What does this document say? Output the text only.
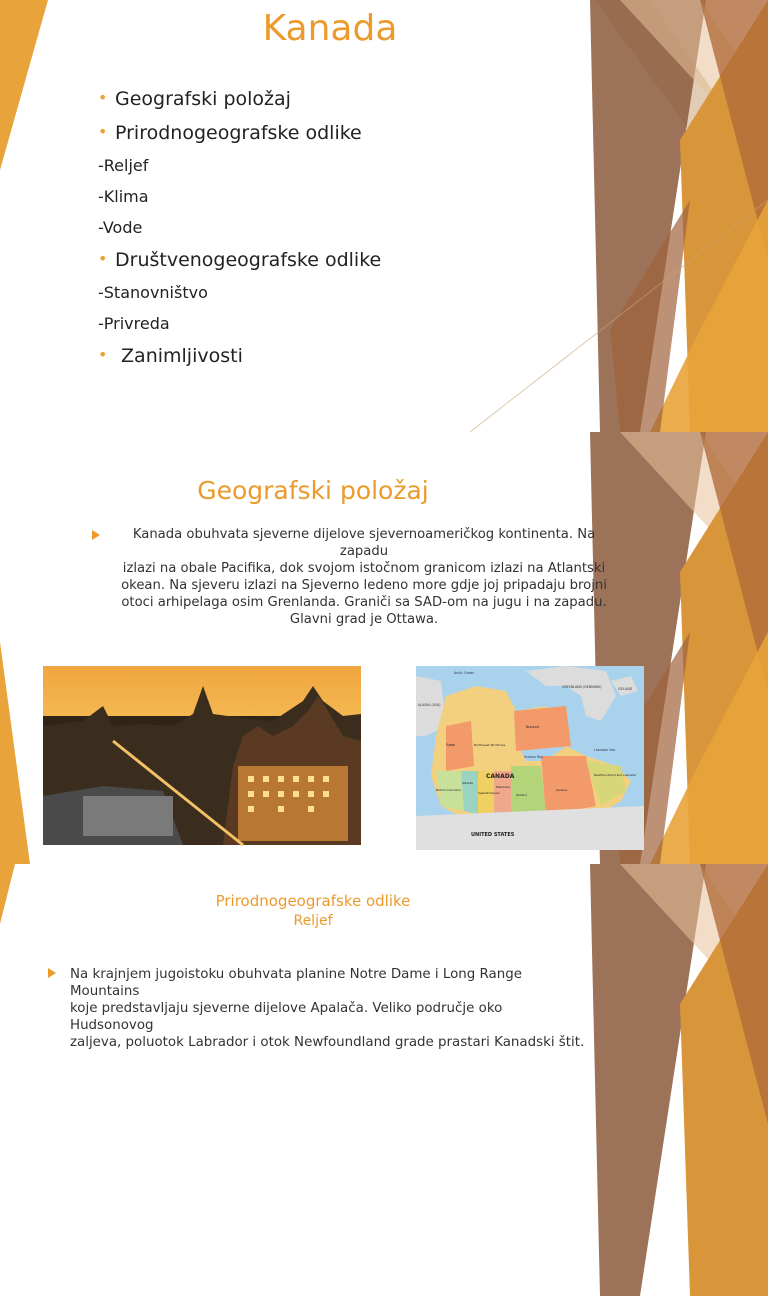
Kanada
• Geografski položaj
• Prirodnogeografske odlike
-Reljef
-Klima
-Vode
• Društvenogeografske odlike
-Stanovništvo
-Privreda
•  Zanimljivosti
Geografski položaj
Kanada obuhvata sjeverne dijelove sjevernoameričkog kontinenta. Na zapadu
izlazi na obale Pacifika, dok svojom istočnom granicom izlazi na Atlantski
okean. Na sjeveru izlazi na Sjeverno ledeno more gdje joj pripadaju brojni
otoci arhipelaga osim Grenlanda. Graniči sa SAD-om na jugu i na zapadu.
Glavni grad je Ottawa.
CANADA
UNITED STATES
GREENLAND (DENMARK)	ICELAND
ALASKA (USA)
Arctic Ocean
Hudson Bay
Labrador Sea
Yukon	Northwest Territories
Nunavut
British Columbia
Alberta
Saskatchewan
Manitoba
Ontario
Quebec
Newfoundland and Labrador
Prirodnogeografske odlike
Reljef
Na krajnjem jugoistoku obuhvata planine Notre Dame i Long Range Mountains
koje predstavljaju sjeverne dijelove Apalača. Veliko područje oko Hudsonovog
zaljeva, poluotok Labrador i otok Newfoundland grade prastari Kanadski štit.
